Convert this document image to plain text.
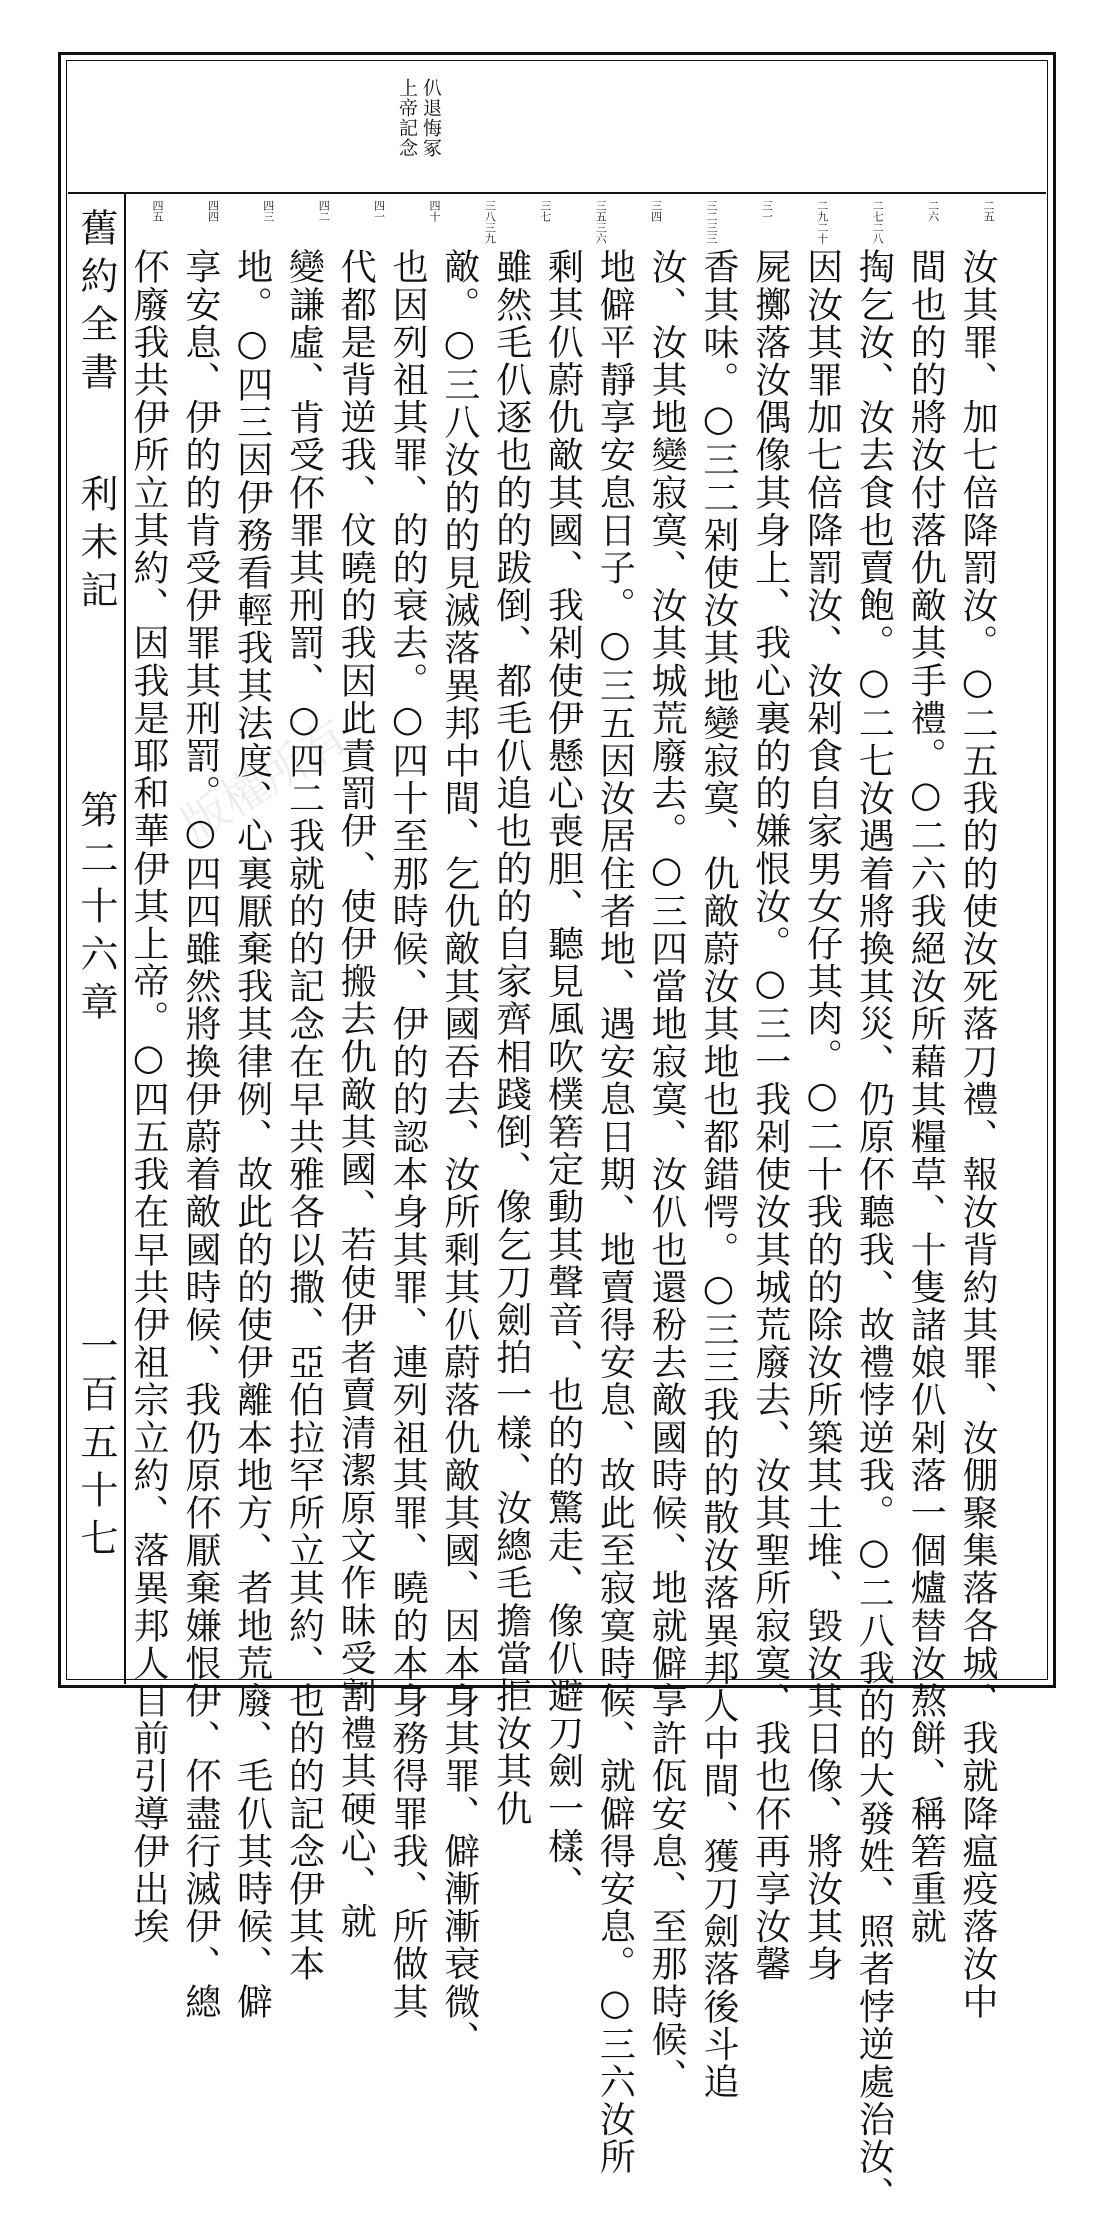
仈退悔冢
上帝記念
舊約全書
利未記
第二十六章
一百五十七
二五
二六
二七二八
二九二十
三一
三二三三
三四
三五三六
三七
三八三九
四十
四一
四二
四三
四四
四五
汝其罪、加七倍降罰汝。○二五我的的使汝死落刀禮、報汝背約其罪、汝倗聚集落各城、我就降瘟疫落汝中
間也的的將汝付落仇敵其手禮。○二六我絕汝所藉其糧草、十隻諸娘仈剁落一個爐替汝熬餅、稱箬重就
掏乞汝、汝去食也賣飽。○二七汝遇着將換其災、仍原伓聽我、故禮悖逆我。○二八我的的大發姓、照者悖逆處治汝、
因汝其罪加七倍降罰汝、汝剁食自家男女仔其肉。○二十我的的除汝所築其土堆、毀汝其日像、將汝其身
屍擲落汝偶像其身上、我心裏的的嫌恨汝。○三一我剁使汝其城荒廢去、汝其聖所寂寞、我也伓再享汝馨
香其味。○三二剁使汝其地變寂寞、仇敵蔚汝其地也都錯愕。○三三我的的散汝落異邦人中間、獲刀劍落後斗追
汝、汝其地變寂寞、汝其城荒廢去。○三四當地寂寞、汝仈也還秎去敵國時候、地就僻享許佤安息、至那時候、
地僻平靜享安息日子。○三五因汝居住者地、遇安息日期、地賣得安息、故此至寂寞時候、就僻得安息。○三六汝所
剩其仈蔚仇敵其國、我剁使伊懸心喪胆、聽見風吹樸箬定動其聲音、也的的驚走、像仈避刀劍一樣、
雖然毛仈逐也的的跋倒、都毛仈追也的的自家齊相踐倒、像乞刀劍拍一樣、汝總毛擔當拒汝其仇
敵。○三八汝的的見滅落異邦中間、乞仇敵其國吞去、汝所剩其仈蔚落仇敵其國、因本身其罪、僻漸漸衰微、
也因列祖其罪、的的衰去。○四十至那時候、伊的的認本身其罪、連列祖其罪、曉的本身務得罪我、所做其
代都是背逆我、伩曉的我因此責罰伊、使伊搬去仇敵其國、若使伊者賣清潔原文作昧受割禮其硬心、就
變謙虛、肯受伓罪其刑罰、○四二我就的的記念在早共雅各以撒、亞伯拉罕所立其約、也的的記念伊其本
地。○四三因伊務看輕我其法度、心裏厭棄我其律例、故此的的使伊離本地方、者地荒廢、毛仈其時候、僻
享安息、伊的的肯受伊罪其刑罰。○四四雖然將換伊蔚着敵國時候、我仍原伓厭棄嫌恨伊、伓盡行滅伊、總
伓廢我共伊所立其約、因我是耶和華伊其上帝。○四五我在早共伊祖宗立約、落異邦人目前引導伊出埃 版權所有
